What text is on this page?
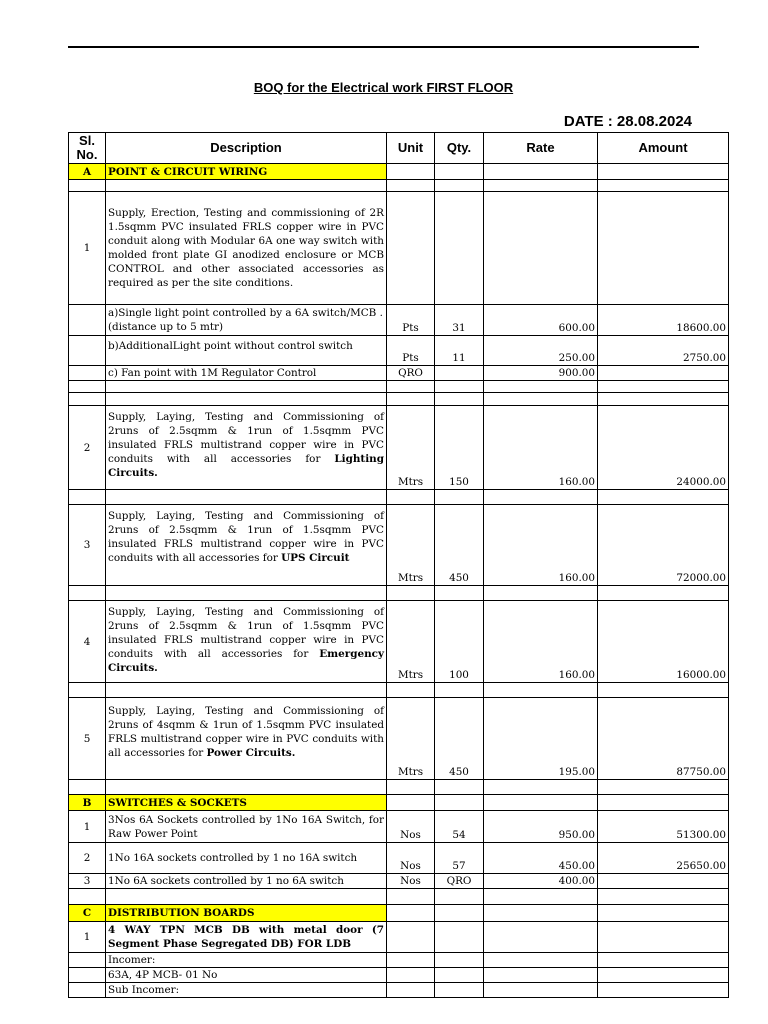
BOQ for the Electrical work FIRST FLOOR
DATE : 28.08.2024
Sl. No.	Description	Unit	Qty.	Rate	Amount
A	POINT & CIRCUIT WIRING				

1	Supply, Erection, Testing and commissioning of 2R 1.5sqmm PVC insulated FRLS copper wire in PVC conduit along with Modular 6A one way switch with molded front plate GI anodized enclosure or MCB CONTROL and other associated accessories as required as per the site conditions.				
	a)Single light point controlled by a 6A switch/MCB . (distance up to 5 mtr)	Pts	31	600.00	18600.00
	b)AdditionalLight point without control switch	Pts	11	250.00	2750.00
	c) Fan point with 1M Regulator Control	QRO		900.00	

2	Supply, Laying, Testing and Commissioning of 2runs of 2.5sqmm & 1run of 1.5sqmm PVC insulated FRLS multistrand copper wire in PVC conduits with all accessories for Lighting Circuits.	Mtrs	150	160.00	24000.00

3	Supply, Laying, Testing and Commissioning of 2runs of 2.5sqmm & 1run of 1.5sqmm PVC insulated FRLS multistrand copper wire in PVC conduits with all accessories for UPS Circuit	Mtrs	450	160.00	72000.00

4	Supply, Laying, Testing and Commissioning of 2runs of 2.5sqmm & 1run of 1.5sqmm PVC insulated FRLS multistrand copper wire in PVC conduits with all accessories for Emergency Circuits.	Mtrs	100	160.00	16000.00

5	Supply, Laying, Testing and Commissioning of 2runs of 4sqmm & 1run of 1.5sqmm PVC insulated FRLS multistrand copper wire in PVC conduits with all accessories for Power Circuits.	Mtrs	450	195.00	87750.00

B	SWITCHES & SOCKETS				
1	3Nos 6A Sockets controlled by 1No 16A Switch, for Raw Power Point	Nos	54	950.00	51300.00
2	1No 16A sockets controlled by 1 no 16A switch	Nos	57	450.00	25650.00
3	1No 6A sockets controlled by 1 no 6A switch	Nos	QRO	400.00	

C	DISTRIBUTION BOARDS				
1	4 WAY TPN MCB DB with metal door (7 Segment Phase Segregated DB) FOR LDB				
	Incomer:				
	63A, 4P MCB- 01 No				
	Sub Incomer:				
